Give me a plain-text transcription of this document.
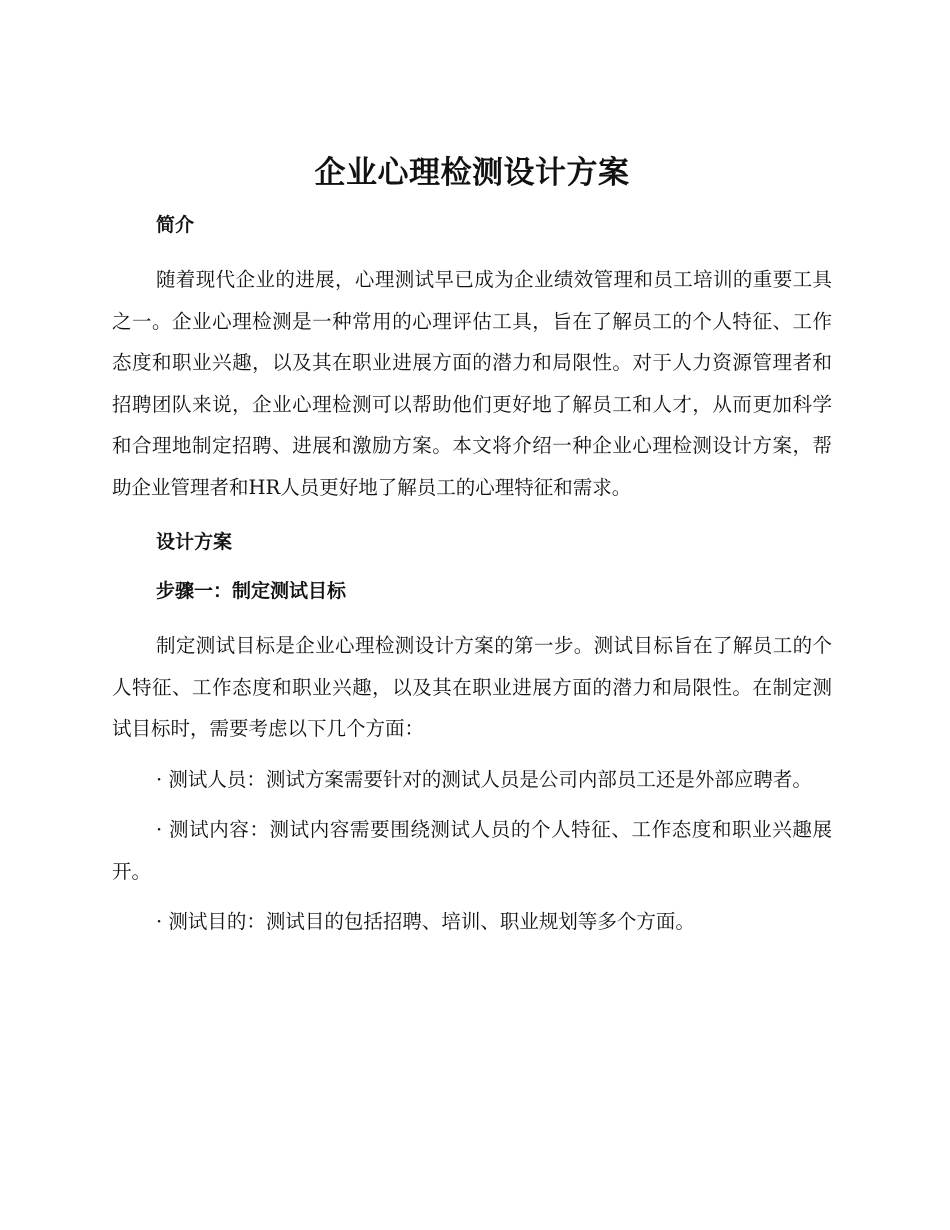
企业心理检测设计方案
简介

随着现代企业的进展，心理测试早已成为企业绩效管理和员工培训的重要工具之一。企业心理检测是一种常用的心理评估工具，旨在了解员工的个人特征、工作态度和职业兴趣，以及其在职业进展方面的潜力和局限性。对于人力资源管理者和招聘团队来说，企业心理检测可以帮助他们更好地了解员工和人才，从而更加科学和合理地制定招聘、进展和激励方案。本文将介绍一种企业心理检测设计方案，帮助企业管理者和HR人员更好地了解员工的心理特征和需求。

设计方案
步骤一：制定测试目标

制定测试目标是企业心理检测设计方案的第一步。测试目标旨在了解员工的个人特征、工作态度和职业兴趣，以及其在职业进展方面的潜力和局限性。在制定测试目标时，需要考虑以下几个方面：

· 测试人员：测试方案需要针对的测试人员是公司内部员工还是外部应聘者。

· 测试内容：测试内容需要围绕测试人员的个人特征、工作态度和职业兴趣展开。

· 测试目的：测试目的包括招聘、培训、职业规划等多个方面。
